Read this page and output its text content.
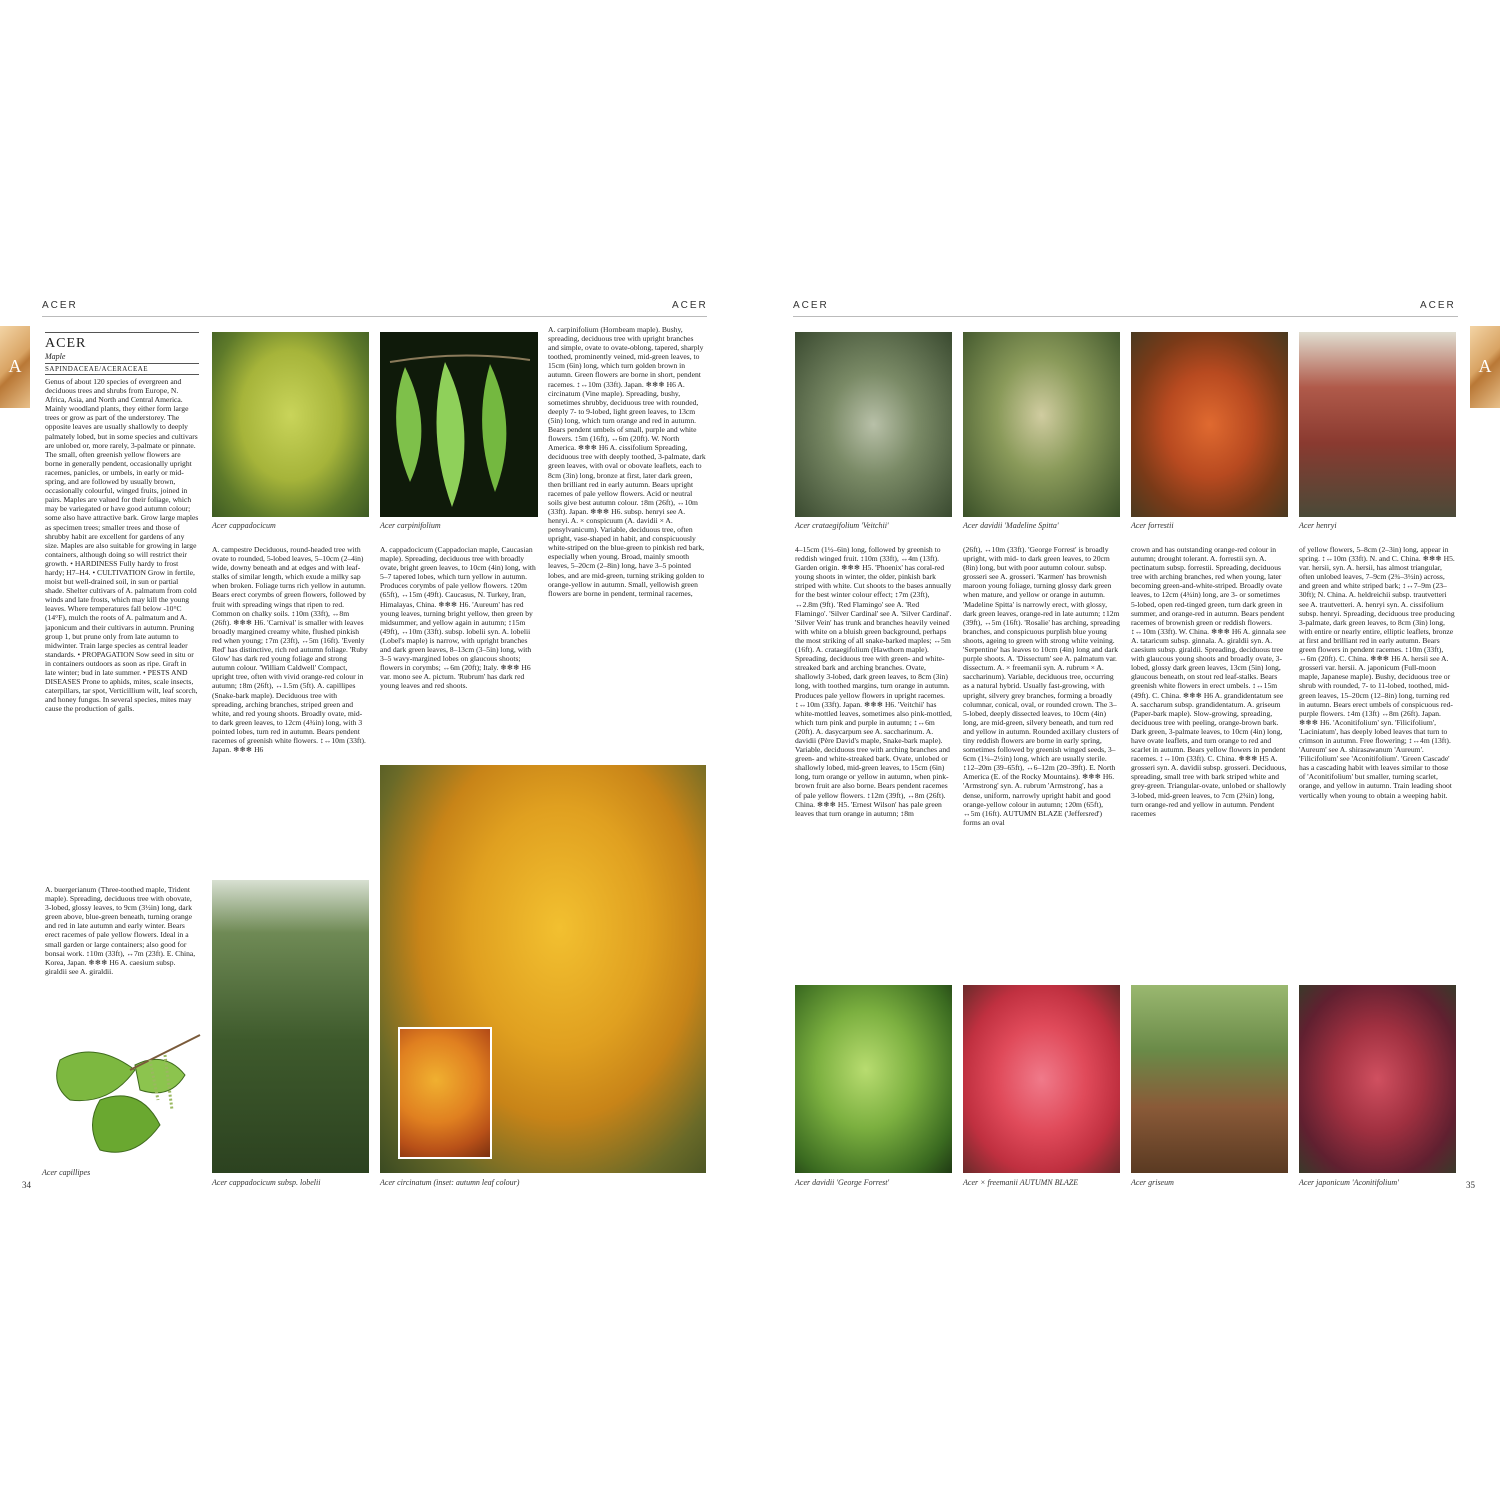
ACER	ACER
A
ACER
Maple
SAPINDACEAE/ACERACEAE

Genus of about 120 species of evergreen and deciduous trees and shrubs from Europe, N. Africa, Asia, and North and Central America. Mainly woodland plants, they either form large trees or grow as part of the understorey. The opposite leaves are usually shallowly to deeply palmately lobed, but in some species and cultivars are unlobed or, more rarely, 3-palmate or pinnate. The small, often greenish yellow flowers are borne in generally pendent, occasionally upright racemes, panicles, or umbels, in early or mid-spring, and are followed by usually brown, occasionally colourful, winged fruits, joined in pairs. Maples are valued for their foliage, which may be variegated or have good autumn colour; some also have attractive bark. Grow large maples as specimen trees; smaller trees and those of shrubby habit are excellent for gardens of any size. Maples are also suitable for growing in large containers, although doing so will restrict their growth. • HARDINESS Fully hardy to frost hardy; H7–H4. • CULTIVATION Grow in fertile, moist but well-drained soil, in sun or partial shade. Shelter cultivars of A. palmatum from cold winds and late frosts, which may kill the young leaves. Where temperatures fall below -10°C (14°F), mulch the roots of A. palmatum and A. japonicum and their cultivars in autumn. Pruning group 1, but prune only from late autumn to midwinter. Train large species as central leader standards. • PROPAGATION Sow seed in situ or in containers outdoors as soon as ripe. Graft in late winter; bud in late summer. • PESTS AND DISEASES Prone to aphids, mites, scale insects, caterpillars, tar spot, Verticillium wilt, leaf scorch, and honey fungus. In several species, mites may cause the production of galls.

A. buergerianum (Three-toothed maple, Trident maple). Spreading, deciduous tree with obovate, 3-lobed, glossy leaves, to 9cm (3½in) long, dark green above, blue-green beneath, turning orange and red in late autumn and early winter. Bears erect racemes of pale yellow flowers. Ideal in a small garden or large containers; also good for bonsai work. ↕10m (33ft), ↔7m (23ft). E. China, Korea, Japan. ❄❄❄ H6 A. caesium subsp. giraldii see A. giraldii.

Acer capillipes
34
Acer cappadocicum

A. campestre Deciduous, round-headed tree with ovate to rounded, 5-lobed leaves, 5–10cm (2–4in) wide, downy beneath and at edges and with leaf-stalks of similar length, which exude a milky sap when broken. Foliage turns rich yellow in autumn. Bears erect corymbs of green flowers, followed by fruit with spreading wings that ripen to red. Common on chalky soils. ↕10m (33ft), ↔8m (26ft). ❄❄❄ H6. 'Carnival' is smaller with leaves broadly margined creamy white, flushed pinkish red when young; ↕7m (23ft), ↔5m (16ft). 'Evenly Red' has distinctive, rich red autumn foliage. 'Ruby Glow' has dark red young foliage and strong autumn colour. 'William Caldwell' Compact, upright tree, often with vivid orange-red colour in autumn; ↕8m (26ft), ↔1.5m (5ft). A. capillipes (Snake-bark maple). Deciduous tree with spreading, arching branches, striped green and white, and red young shoots. Broadly ovate, mid- to dark green leaves, to 12cm (4¾in) long, with 3 pointed lobes, turn red in autumn. Bears pendent racemes of greenish white flowers. ↕↔10m (33ft). Japan. ❄❄❄ H6

Acer cappadocicum subsp. lobelii
Acer carpinifolium

A. cappadocicum (Cappadocian maple, Caucasian maple). Spreading, deciduous tree with broadly ovate, bright green leaves, to 10cm (4in) long, with 5–7 tapered lobes, which turn yellow in autumn. Produces corymbs of pale yellow flowers. ↕20m (65ft), ↔15m (49ft). Caucasus, N. Turkey, Iran, Himalayas, China. ❄❄❄ H6. 'Aureum' has red young leaves, turning bright yellow, then green by midsummer, and yellow again in autumn; ↕15m (49ft), ↔10m (33ft). subsp. lobelii syn. A. lobelii (Lobel's maple) is narrow, with upright branches and dark green leaves, 8–13cm (3–5in) long, with 3–5 wavy-margined lobes on glaucous shoots; flowers in corymbs; ↔6m (20ft); Italy. ❄❄❄ H6 var. mono see A. pictum. 'Rubrum' has dark red young leaves and red shoots.

A. carpinifolium (Hornbeam maple). Bushy, spreading, deciduous tree with upright branches and simple, ovate to ovate-oblong, tapered, sharply toothed, prominently veined, mid-green leaves, to 15cm (6in) long, which turn golden brown in autumn. Green flowers are borne in short, pendent racemes. ↕↔10m (33ft). Japan. ❄❄❄ H6 A. circinatum (Vine maple). Spreading, bushy, sometimes shrubby, deciduous tree with rounded, deeply 7- to 9-lobed, light green leaves, to 13cm (5in) long, which turn orange and red in autumn. Bears pendent umbels of small, purple and white flowers. ↕5m (16ft), ↔6m (20ft). W. North America. ❄❄❄ H6 A. cissifolium Spreading, deciduous tree with deeply toothed, 3-palmate, dark green leaves, with oval or obovate leaflets, each to 8cm (3in) long, bronze at first, later dark green, then brilliant red in early autumn. Bears upright racemes of pale yellow flowers. Acid or neutral soils give best autumn colour. ↕8m (26ft), ↔10m (33ft). Japan. ❄❄❄ H6. subsp. henryi see A. henryi. A. × conspicuum (A. davidii × A. pensylvanicum). Variable, deciduous tree, often upright, vase-shaped in habit, and conspicuously white-striped on the blue-green to pinkish red bark, especially when young. Broad, mainly smooth leaves, 5–20cm (2–8in) long, have 3–5 pointed lobes, and are mid-green, turning striking golden to orange-yellow in autumn. Small, yellowish green flowers are borne in pendent, terminal racemes,

Acer circinatum (inset: autumn leaf colour)
ACER	ACER
A
Acer crataegifolium 'Veitchii'	Acer davidii 'Madeline Spitta'	Acer forrestii	Acer henryi

4–15cm (1½–6in) long, followed by greenish to reddish winged fruit. ↕10m (33ft), ↔4m (13ft). Garden origin. ❄❄❄ H5. 'Phoenix' has coral-red young shoots in winter, the older, pinkish bark striped with white. Cut shoots to the bases annually for the best winter colour effect; ↕7m (23ft), ↔2.8m (9ft). 'Red Flamingo' see A. 'Red Flamingo'. 'Silver Cardinal' see A. 'Silver Cardinal'. 'Silver Vein' has trunk and branches heavily veined with white on a bluish green background, perhaps the most striking of all snake-barked maples; ↔5m (16ft). A. crataegifolium (Hawthorn maple). Spreading, deciduous tree with green- and white-streaked bark and arching branches. Ovate, shallowly 3-lobed, dark green leaves, to 8cm (3in) long, with toothed margins, turn orange in autumn. Produces pale yellow flowers in upright racemes. ↕↔10m (33ft). Japan. ❄❄❄ H6. 'Veitchii' has white-mottled leaves, sometimes also pink-mottled, which turn pink and purple in autumn; ↕↔6m (20ft). A. dasycarpum see A. saccharinum. A. davidii (Père David's maple, Snake-bark maple). Variable, deciduous tree with arching branches and green- and white-streaked bark. Ovate, unlobed or shallowly lobed, mid-green leaves, to 15cm (6in) long, turn orange or yellow in autumn, when pink-brown fruit are also borne. Bears pendent racemes of pale yellow flowers. ↕12m (39ft), ↔8m (26ft). China. ❄❄❄ H5. 'Ernest Wilson' has pale green leaves that turn orange in autumn; ↕8m

(26ft), ↔10m (33ft). 'George Forrest' is broadly upright, with mid- to dark green leaves, to 20cm (8in) long, but with poor autumn colour. subsp. grosseri see A. grosseri. 'Karmen' has brownish maroon young foliage, turning glossy dark green when mature, and yellow or orange in autumn. 'Madeline Spitta' is narrowly erect, with glossy, dark green leaves, orange-red in late autumn; ↕12m (39ft), ↔5m (16ft). 'Rosalie' has arching, spreading branches, and conspicuous purplish blue young shoots, ageing to green with strong white veining. 'Serpentine' has leaves to 10cm (4in) long and dark purple shoots. A. 'Dissectum' see A. palmatum var. dissectum. A. × freemanii syn. A. rubrum × A. saccharinum). Variable, deciduous tree, occurring as a natural hybrid. Usually fast-growing, with upright, silvery grey branches, forming a broadly columnar, conical, oval, or rounded crown. The 3–5-lobed, deeply dissected leaves, to 10cm (4in) long, are mid-green, silvery beneath, and turn red and yellow in autumn. Rounded axillary clusters of tiny reddish flowers are borne in early spring, sometimes followed by greenish winged seeds, 3–6cm (1¼–2½in) long, which are usually sterile. ↕12–20m (39–65ft), ↔6–12m (20–39ft). E. North America (E. of the Rocky Mountains). ❄❄❄ H6. 'Armstrong' syn. A. rubrum 'Armstrong', has a dense, uniform, narrowly upright habit and good orange-yellow colour in autumn; ↕20m (65ft), ↔5m (16ft). AUTUMN BLAZE ('Jeffersred') forms an oval

crown and has outstanding orange-red colour in autumn; drought tolerant. A. forrestii syn. A. pectinatum subsp. forrestii. Spreading, deciduous tree with arching branches, red when young, later becoming green-and-white-striped. Broadly ovate leaves, to 12cm (4¾in) long, are 3- or sometimes 5-lobed, open red-tinged green, turn dark green in summer, and orange-red in autumn. Bears pendent racemes of brownish green or reddish flowers. ↕↔10m (33ft). W. China. ❄❄❄ H6 A. ginnala see A. tataricum subsp. ginnala. A. giraldii syn. A. caesium subsp. giraldii. Spreading, deciduous tree with glaucous young shoots and broadly ovate, 3-lobed, glossy dark green leaves, 13cm (5in) long, glaucous beneath, on stout red leaf-stalks. Bears greenish white flowers in erect umbels. ↕↔15m (49ft). C. China. ❄❄❄ H6 A. grandidentatum see A. saccharum subsp. grandidentatum. A. griseum (Paper-bark maple). Slow-growing, spreading, deciduous tree with peeling, orange-brown bark. Dark green, 3-palmate leaves, to 10cm (4in) long, have ovate leaflets, and turn orange to red and scarlet in autumn. Bears yellow flowers in pendent racemes. ↕↔10m (33ft). C. China. ❄❄❄ H5 A. grosseri syn. A. davidii subsp. grosseri. Deciduous, spreading, small tree with bark striped white and grey-green. Triangular-ovate, unlobed or shallowly 3-lobed, mid-green leaves, to 7cm (2¾in) long, turn orange-red and yellow in autumn. Pendent racemes

of yellow flowers, 5–8cm (2–3in) long, appear in spring. ↕↔10m (33ft). N. and C. China. ❄❄❄ H5. var. hersii, syn. A. hersii, has almost triangular, often unlobed leaves, 7–9cm (2¾–3½in) across, and green and white striped bark; ↕↔7–9m (23–30ft); N. China. A. heldreichii subsp. trautvetteri see A. trautvetteri. A. henryi syn. A. cissifolium subsp. henryi. Spreading, deciduous tree producing 3-palmate, dark green leaves, to 8cm (3in) long, with entire or nearly entire, elliptic leaflets, bronze at first and brilliant red in early autumn. Bears green flowers in pendent racemes. ↕10m (33ft), ↔6m (20ft). C. China. ❄❄❄ H6 A. hersii see A. grosseri var. hersii. A. japonicum (Full-moon maple, Japanese maple). Bushy, deciduous tree or shrub with rounded, 7- to 11-lobed, toothed, mid-green leaves, 15–20cm (12–8in) long, turning red in autumn. Bears erect umbels of conspicuous red-purple flowers. ↕4m (13ft) ↔8m (26ft). Japan. ❄❄❄ H6. 'Aconitifolium' syn. 'Filicifolium', 'Laciniatum', has deeply lobed leaves that turn to crimson in autumn. Free flowering; ↕↔4m (13ft). 'Aureum' see A. shirasawanum 'Aureum'. 'Filicifolium' see 'Aconitifolium'. 'Green Cascade' has a cascading habit with leaves similar to those of 'Aconitifolium' but smaller, turning scarlet, orange, and yellow in autumn. Train leading shoot vertically when young to obtain a weeping habit.

Acer davidii 'George Forrest'	Acer × freemanii AUTUMN BLAZE	Acer griseum	Acer japonicum 'Aconitifolium'	35
